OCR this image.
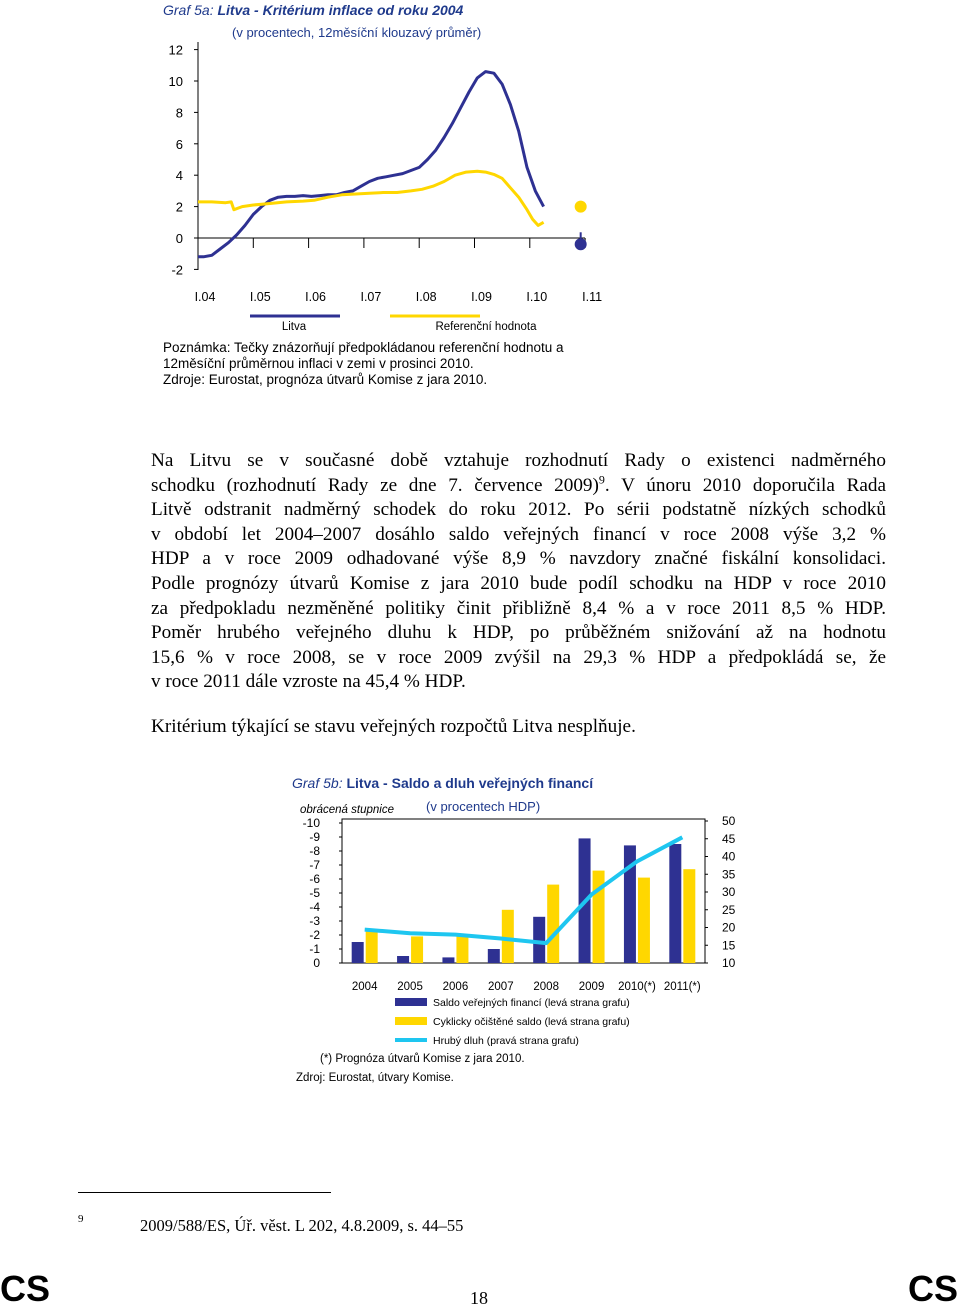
Graf 5a: Litva - Kritérium inflace od roku 2004
(v procentech, 12měsíční klouzavý průměr)
12
10
8
6
4
2
0
-2
I.04	I.05	I.06	I.07	I.08	I.09	I.10	I.11
Poznámka: Tečky znázorňují předpokládanou referenční hodnotu a
12měsíční průměrnou inflaci v zemi v prosinci 2010.
Zdroje: Eurostat, prognóza útvarů Komise z jara 2010.
Na Litvu se v současné době vztahuje rozhodnutí Rady o existenci nadměrného
schodku (rozhodnutí Rady ze dne 7. července 2009)$^9$. V únoru 2010 doporučila Rada
Litvě odstranit nadměrný schodek do roku 2012. Po sérii podstatně nízkých schodků
v období let 2004–2007 dosáhlo saldo veřejných financí v roce 2008 výše 3,2 %
HDP a v roce 2009 odhadované výše 8,9 % navzdory značné fiskální konsolidaci.
Podle prognózy útvarů Komise z jara 2010 bude podíl schodku na HDP v roce 2010
za předpokladu nezměněné politiky činit přibližně 8,4 % a v roce 2011 8,5 % HDP.
Poměr hrubého veřejného dluhu k HDP, po průběžném snižování až na hodnotu
15,6 % v roce 2008, se v roce 2009 zvýšil na 29,3 % HDP a předpokládá se, že
v roce 2011 dále vzroste na 45,4 % HDP.
Kritérium týkající se stavu veřejných rozpočtů Litva nesplňuje.
Graf 5b: Litva - Saldo a dluh veřejných financí
obrácená stupnice (v procentech HDP)
-10
-9
-8
-7
-6
-5
-4
-3
-2
-1
0
50
45
40
35
30
25
20
15
10
2004 2005 2006 2007 2008 2009 2010(*) 2011(*)
Saldo veřejných financí (levá strana grafu)
Cyklicky očištěné saldo (levá strana grafu)
Hrubý dluh (pravá strana grafu)
(*) Prognóza útvarů Komise z jara 2010.
Zdroj: Eurostat, útvary Komise.
9	2009/588/ES, Úř. věst. L 202, 4.8.2009, s. 44–55
CS	18	CS
Litva	Referenční hodnota
